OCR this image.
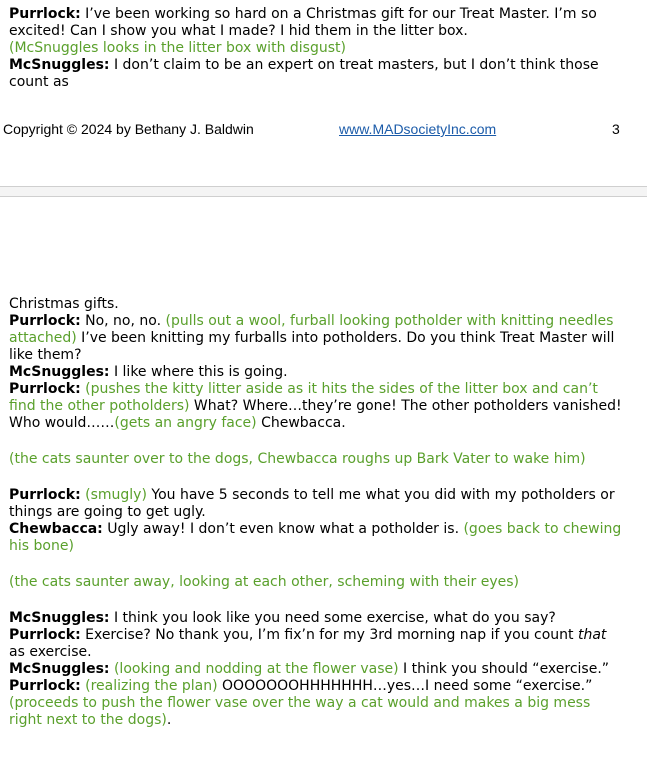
Purrlock: I’ve been working so hard on a Christmas gift for our Treat Master. I’m so excited! Can I show you what I made? I hid them in the litter box.
(McSnuggles looks in the litter box with disgust)
McSnuggles: I don’t claim to be an expert on treat masters, but I don’t think those count as
Copyright © 2024 by Bethany J. Baldwin	www.MADsocietyInc.com	3
Christmas gifts.
Purrlock: No, no, no. (pulls out a wool, furball looking potholder with knitting needles attached) I’ve been knitting my furballs into potholders. Do you think Treat Master will like them?
McSnuggles: I like where this is going.
Purrlock: (pushes the kitty litter aside as it hits the sides of the litter box and can’t find the other potholders) What? Where…they’re gone! The other potholders vanished! Who would……(gets an angry face) Chewbacca.
(the cats saunter over to the dogs, Chewbacca roughs up Bark Vater to wake him)
Purrlock: (smugly) You have 5 seconds to tell me what you did with my potholders or things are going to get ugly.
Chewbacca: Ugly away! I don’t even know what a potholder is. (goes back to chewing his bone)
(the cats saunter away, looking at each other, scheming with their eyes)
McSnuggles: I think you look like you need some exercise, what do you say?
Purrlock: Exercise? No thank you, I’m fix’n for my 3rd morning nap if you count that as exercise.
McSnuggles: (looking and nodding at the flower vase) I think you should “exercise.”
Purrlock: (realizing the plan) OOOOOOOHHHHHHH…yes…I need some “exercise.” (proceeds to push the flower vase over the way a cat would and makes a big mess right next to the dogs).
